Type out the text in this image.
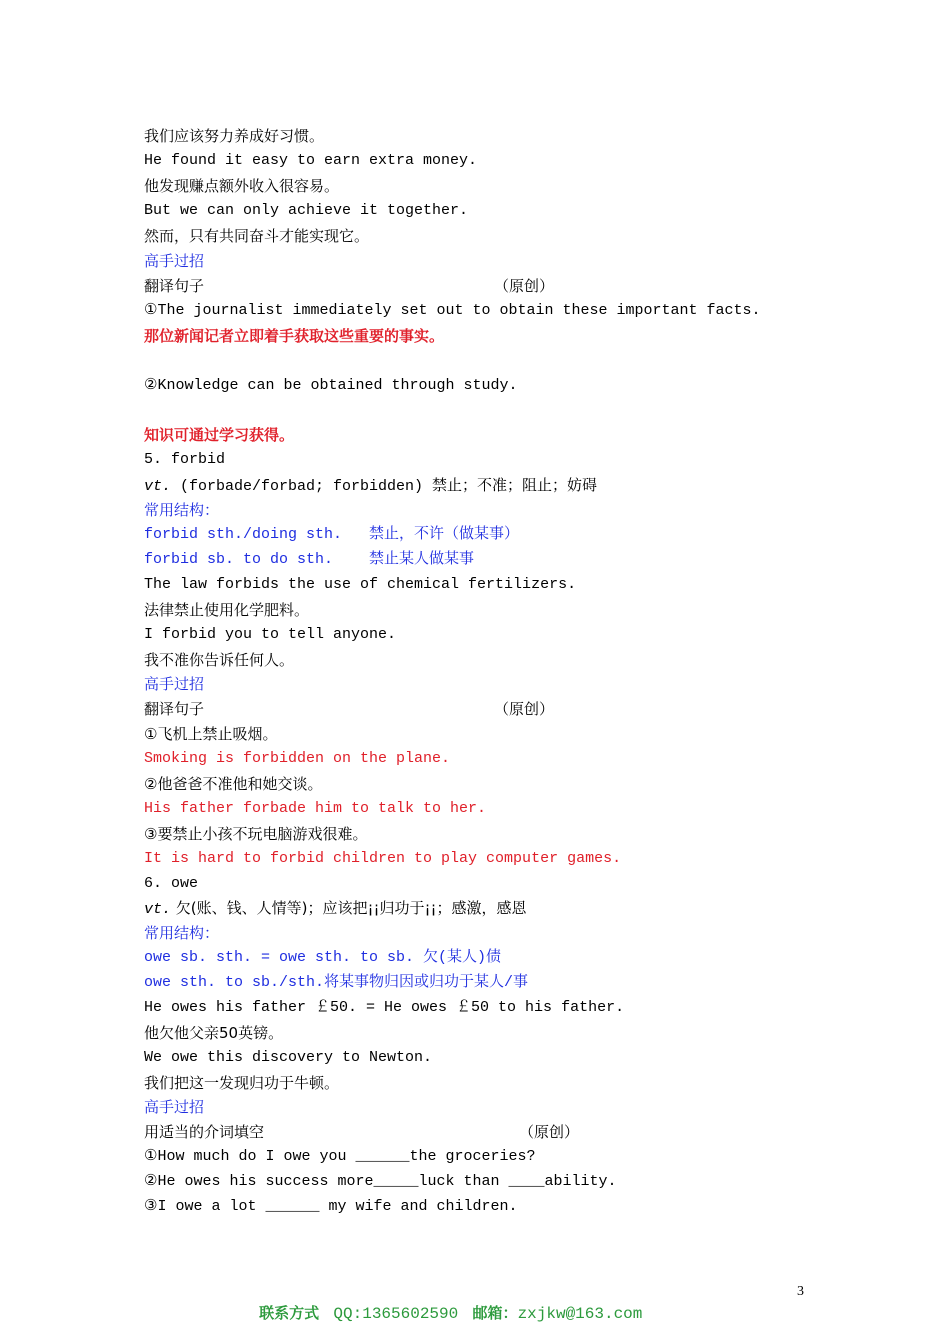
我们应该努力养成好习惯。
He found it easy to earn extra money.
他发现赚点额外收入很容易。
But we can only achieve it together.
然而，只有共同奋斗才能实现它。
高手过招
翻译句子	（原创）
①The journalist immediately set out to obtain these important facts.
那位新闻记者立即着手获取这些重要的事实。
②Knowledge can be obtained through study.
知识可通过学习获得。
5. forbid
vt. (forbade/forbad; forbidden) 禁止；不准；阻止；妨碍
常用结构：
forbid sth./doing sth.   禁止，不许（做某事）
forbid sb. to do sth.    禁止某人做某事
The law forbids the use of chemical fertilizers.
法律禁止使用化学肥料。
I forbid you to tell anyone.
我不准你告诉任何人。
高手过招
翻译句子	（原创）
①飞机上禁止吸烟。
Smoking is forbidden on the plane.
②他爸爸不准他和她交谈。
His father forbade him to talk to her.
③要禁止小孩不玩电脑游戏很难。
It is hard to forbid children to play computer games.
6. owe
vt. 欠(账、钱、人情等)；应该把¡¡归功于¡¡；感激，感恩
常用结构：
owe sb. sth. = owe sth. to sb. 欠(某人)债
owe sth. to sb./sth.将某事物归因或归功于某人/事
He owes his father ￡50. = He owes ￡50 to his father.
他欠他父亲50英镑。
We owe this discovery to Newton.
我们把这一发现归功于牛顿。
高手过招
用适当的介词填空	（原创）
①How much do I owe you ______the groceries?
②He owes his success more_____luck than ____ability.
③I owe a lot ______ my wife and children.

联系方式 QQ:1365602590 邮箱：zxjkw@163.com

3
